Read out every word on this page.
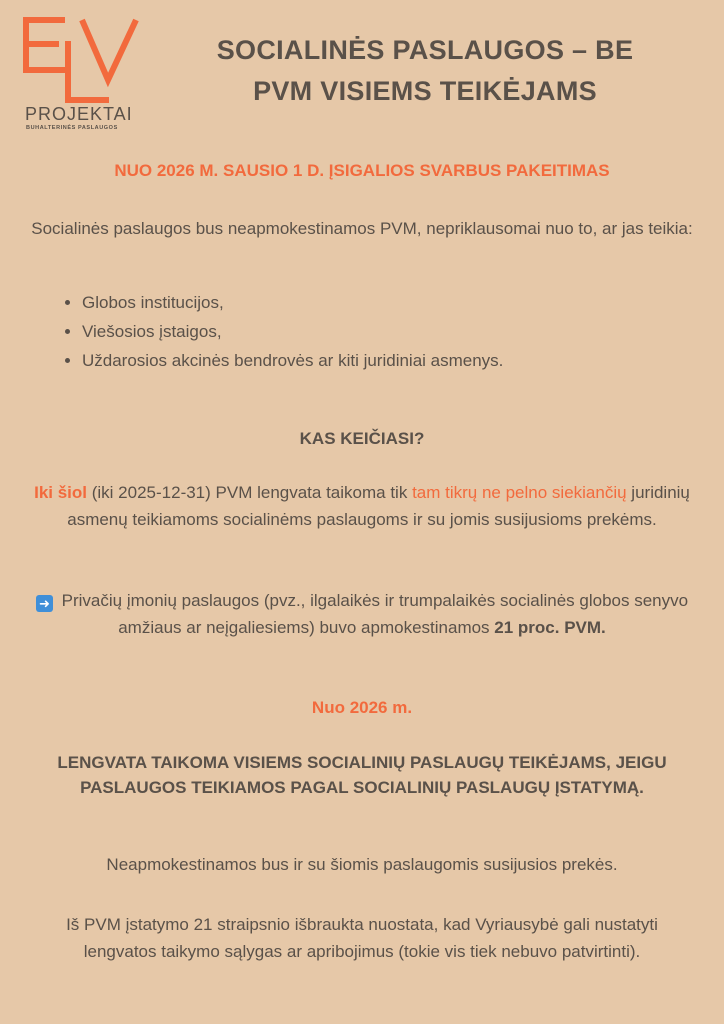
PROJEKTAI
BUHALTERINĖS PASLAUGOS
SOCIALINĖS PASLAUGOS – BE
PVM VISIEMS TEIKĖJAMS
NUO 2026 M. SAUSIO 1 D. ĮSIGALIOS SVARBUS PAKEITIMAS
Socialinės paslaugos bus neapmokestinamos PVM, nepriklausomai nuo to, ar jas teikia:
• Globos institucijos,
• Viešosios įstaigos,
• Uždarosios akcinės bendrovės ar kiti juridiniai asmenys.
KAS KEIČIASI?
Iki šiol (iki 2025-12-31) PVM lengvata taikoma tik tam tikrų ne pelno siekiančių juridinių asmenų teikiamoms socialinėms paslaugoms ir su jomis susijusioms prekėms.
➜ Privačių įmonių paslaugos (pvz., ilgalaikės ir trumpalaikės socialinės globos senyvo amžiaus ar neįgaliesiems) buvo apmokestinamos 21 proc. PVM.
Nuo 2026 m.
LENGVATA TAIKOMA VISIEMS SOCIALINIŲ PASLAUGŲ TEIKĖJAMS, JEIGU PASLAUGOS TEIKIAMOS PAGAL SOCIALINIŲ PASLAUGŲ ĮSTATYMĄ.
Neapmokestinamos bus ir su šiomis paslaugomis susijusios prekės.
Iš PVM įstatymo 21 straipsnio išbraukta nuostata, kad Vyriausybė gali nustatyti lengvatos taikymo sąlygas ar apribojimus (tokie vis tiek nebuvo patvirtinti).
